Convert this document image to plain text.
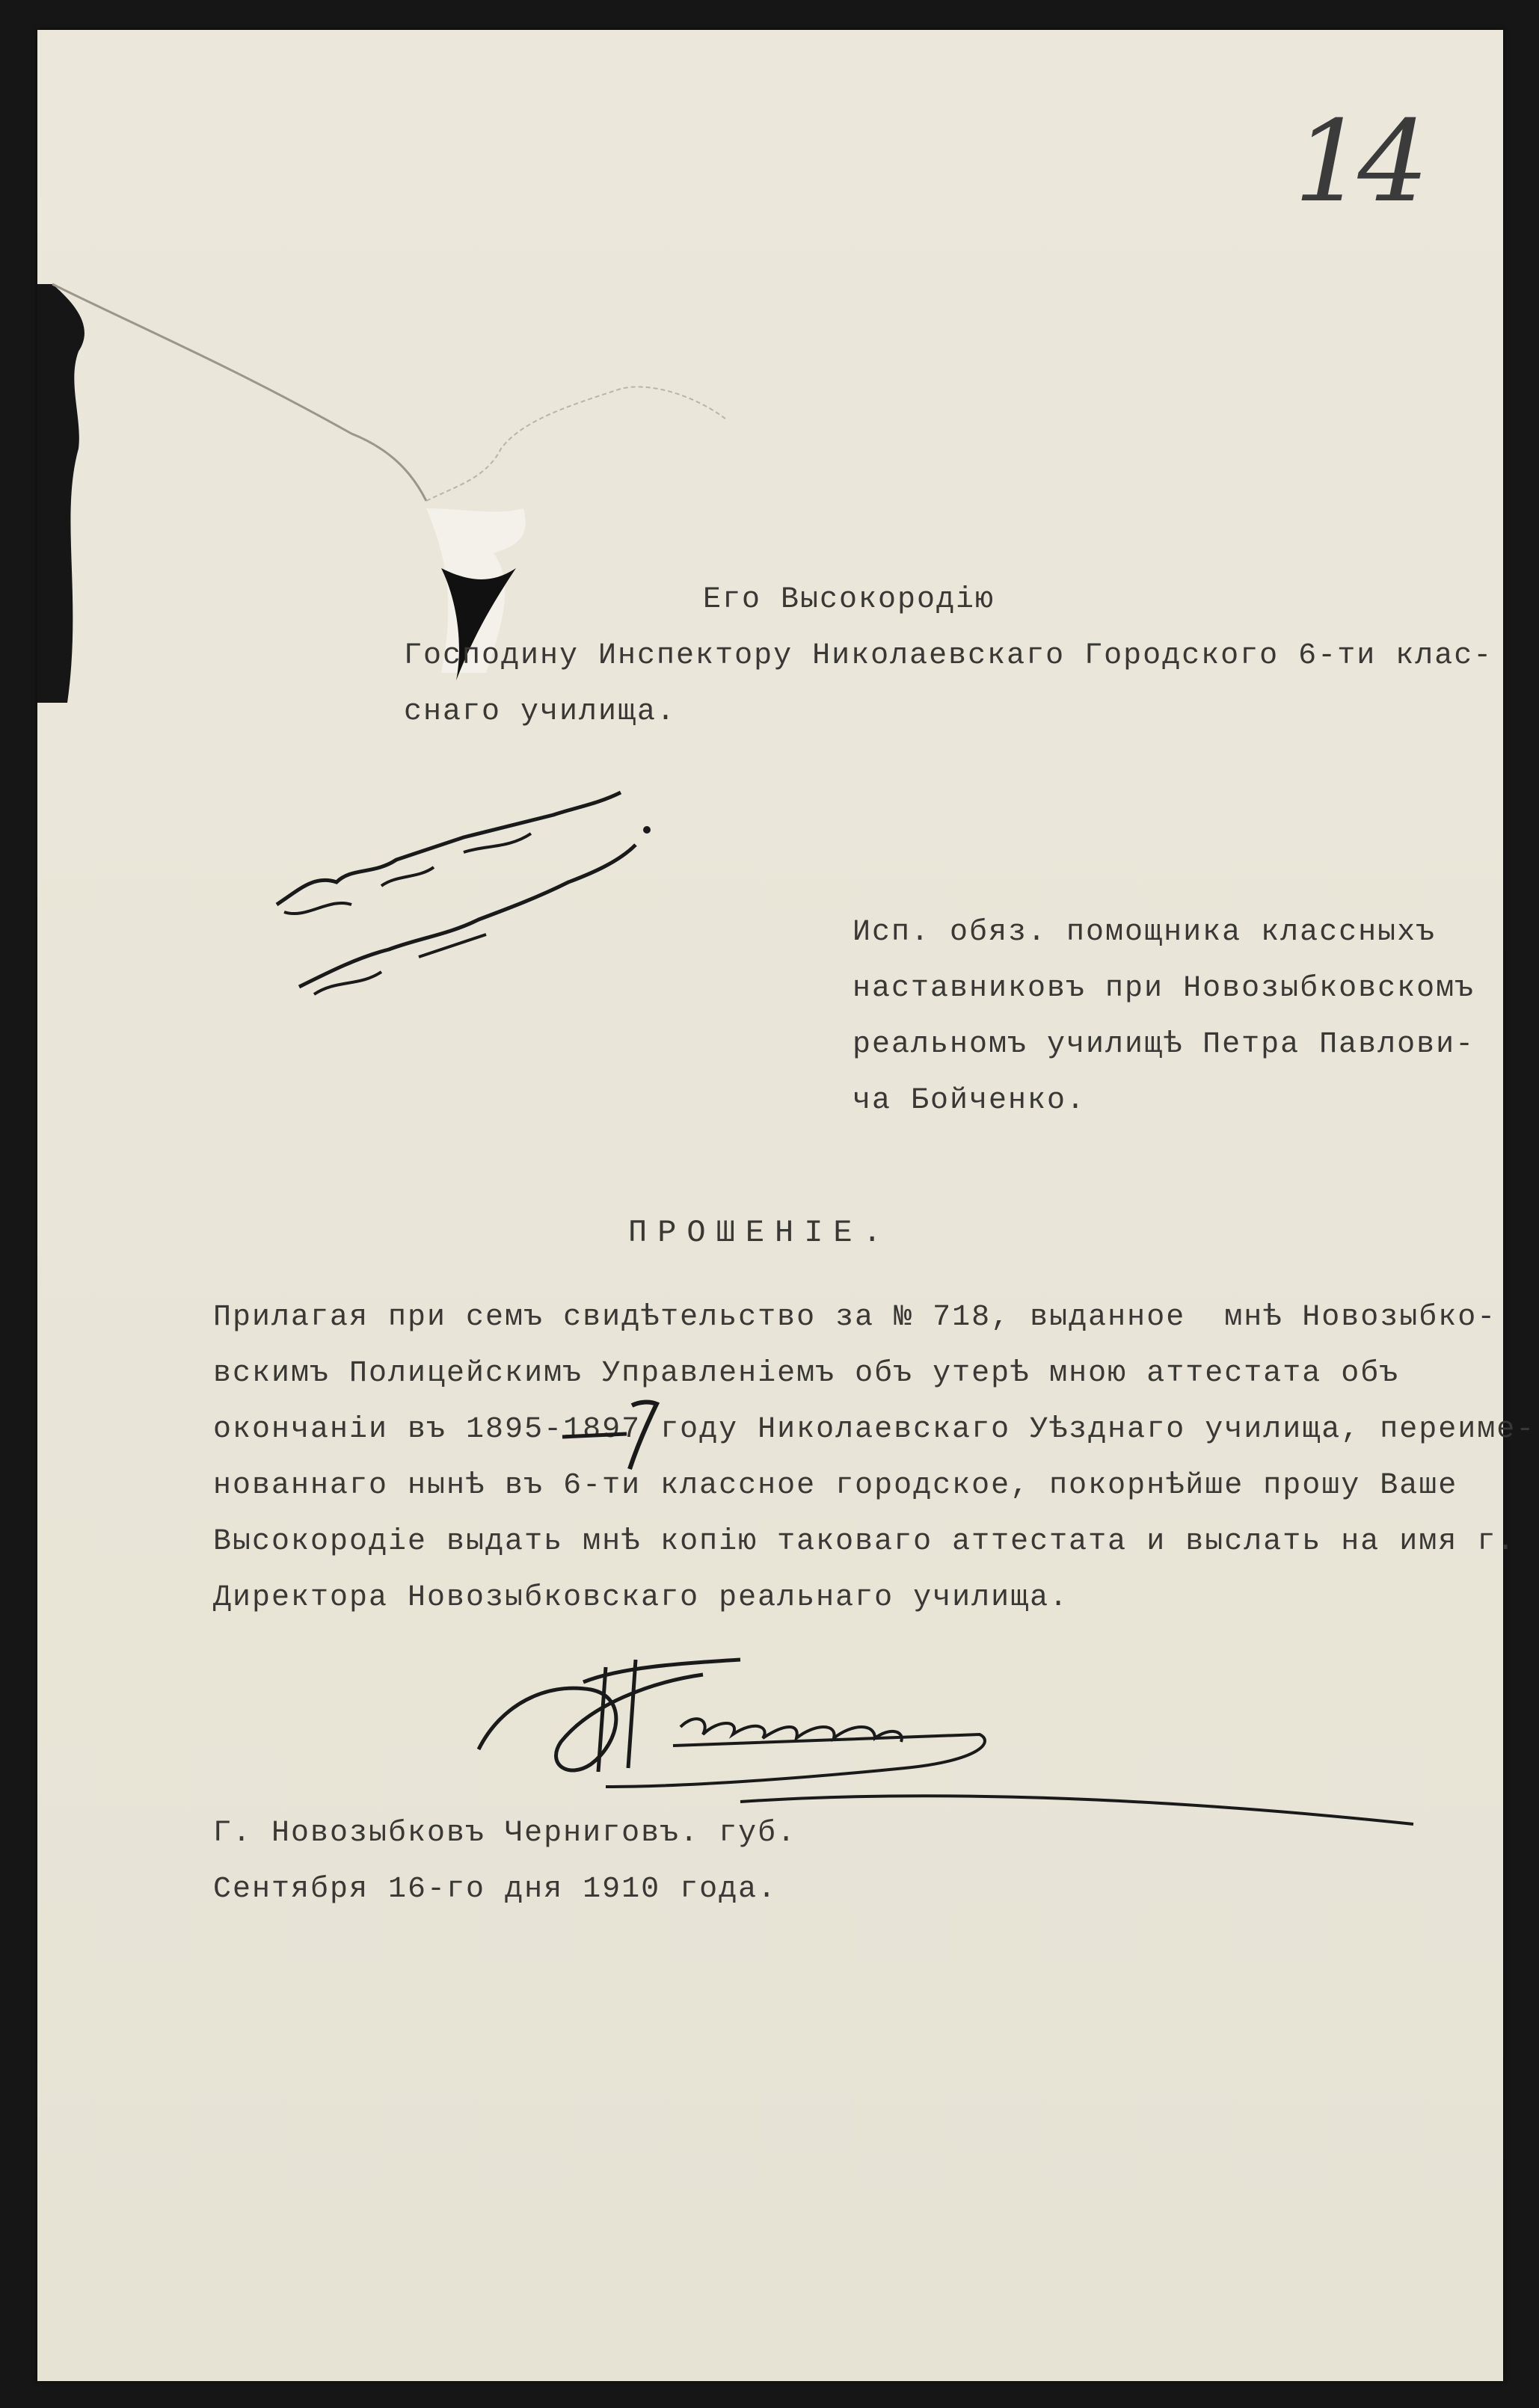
14
Его Высокородію
Господину Инспектору Николаевскаго Городского 6-ти клас-
снаго училища.
Исп. обяз. помощника классныхъ
наставниковъ при Новозыбковскомъ
реальномъ училищѣ Петра Павлови-
ча Бойченко.
ПРОШЕНIЕ.
Прилагая при семъ свидѣтельство за № 718, выданное  мнѣ Новозыбко-
вскимъ Полицейскимъ Управленіемъ объ утерѣ мною аттестата объ
окончаніи въ 1895-1897 году Николаевскаго Уѣзднаго училища, переиме-
нованнаго нынѣ въ 6-ти классное городское, покорнѣйше прошу Ваше
Высокородіе выдать мнѣ копію таковаго аттестата и выслать на имя г.
Директора Новозыбковскаго реальнаго училища.
Г. Новозыбковъ Черниговъ. губ.
Сентября 16-го дня 1910 года.
